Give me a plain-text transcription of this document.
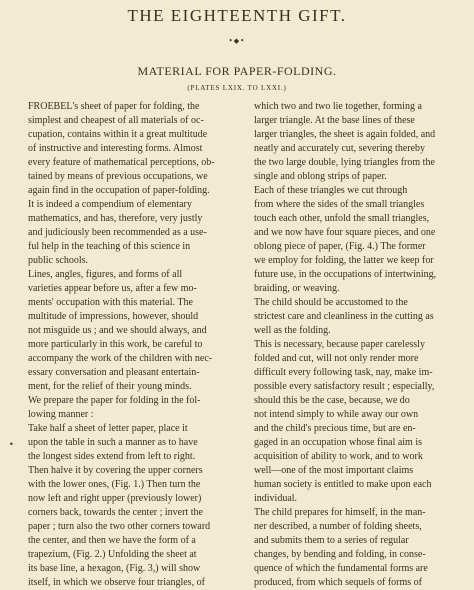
THE EIGHTEENTH GIFT.
•◆•
MATERIAL FOR PAPER-FOLDING.
(PLATES LXIX. TO LXXI.)
FROEBEL's sheet of paper for folding, the
simplest and cheapest of all materials of oc-
cupation, contains within it a great multitude
of instructive and interesting forms. Almost
every feature of mathematical perceptions, ob-
tained by means of previous occupations, we
again find in the occupation of paper-folding.
It is indeed a compendium of elementary
mathematics, and has, therefore, very justly
and judiciously been recommended as a use-
ful help in the teaching of this science in
public schools.
Lines, angles, figures, and forms of all
varieties appear before us, after a few mo-
ments' occupation with this material. The
multitude of impressions, however, should
not misguide us ; and we should always, and
more particularly in this work, be careful to
accompany the work of the children with nec-
essary conversation and pleasant entertain-
ment, for the relief of their young minds.
We prepare the paper for folding in the fol-
lowing manner :
Take half a sheet of letter paper, place it
upon the table in such a manner as to have
the longest sides extend from left to right.
Then halve it by covering the upper corners
with the lower ones, (Fig. 1.) Then turn the
now left and right upper (previously lower)
corners back, towards the center ; invert the
paper ; turn also the two other corners toward
the center, and then we have the form of a
trapezium, (Fig. 2.) Unfolding the sheet at
its base line, a hexagon, (Fig. 3,) will show
itself, in which we observe four triangles, of
which two and two lie together, forming a
larger triangle. At the base lines of these
larger triangles, the sheet is again folded, and
neatly and accurately cut, severing thereby
the two large double, lying triangles from the
single and oblong strips of paper.
Each of these triangles we cut through
from where the sides of the small triangles
touch each other, unfold the small triangles,
and we now have four square pieces, and one
oblong piece of paper, (Fig. 4.) The former
we employ for folding, the latter we keep for
future use, in the occupations of intertwining,
braiding, or weaving.
The child should be accustomed to the
strictest care and cleanliness in the cutting as
well as the folding.
This is necessary, because paper carelessly
folded and cut, will not only render more
difficult every following task, nay, make im-
possible every satisfactory result ; especially,
should this be the case, because, we do
not intend simply to while away our own
and the child's precious time, but are en-
gaged in an occupation whose final aim is
acquisition of ability to work, and to work
well—one of the most important claims
human society is entitled to make upon each
individual.
The child prepares for himself, in the man-
ner described, a number of folding sheets,
and submits them to a series of regular
changes, by bending and folding, in conse-
quence of which the fundamental forms are
produced, from which sequels of forms of
•
